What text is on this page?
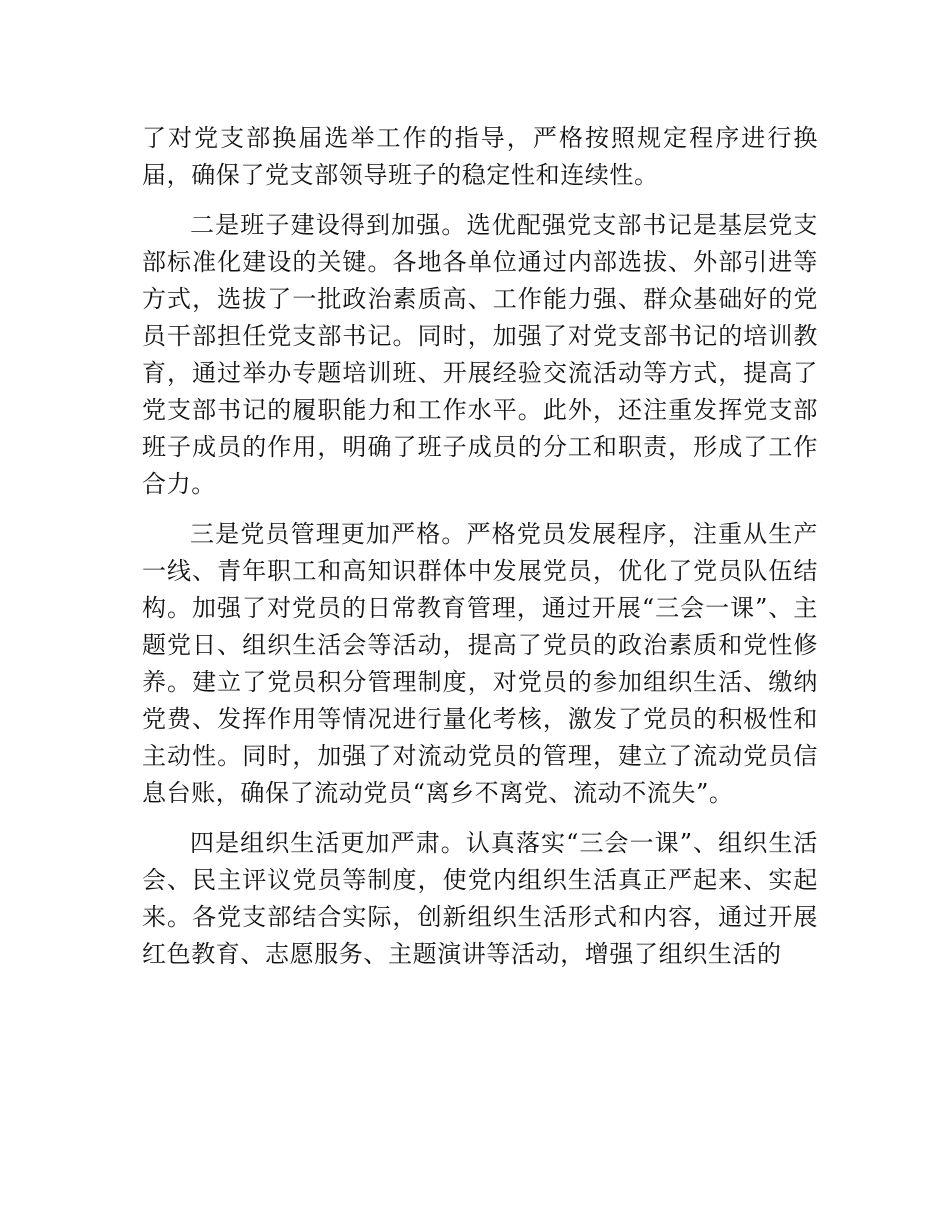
了对党支部换届选举工作的指导，严格按照规定程序进行换届，确保了党支部领导班子的稳定性和连续性。

二是班子建设得到加强。选优配强党支部书记是基层党支部标准化建设的关键。各地各单位通过内部选拔、外部引进等方式，选拔了一批政治素质高、工作能力强、群众基础好的党员干部担任党支部书记。同时，加强了对党支部书记的培训教育，通过举办专题培训班、开展经验交流活动等方式，提高了党支部书记的履职能力和工作水平。此外，还注重发挥党支部班子成员的作用，明确了班子成员的分工和职责，形成了工作合力。

三是党员管理更加严格。严格党员发展程序，注重从生产一线、青年职工和高知识群体中发展党员，优化了党员队伍结构。加强了对党员的日常教育管理，通过开展“三会一课”、主题党日、组织生活会等活动，提高了党员的政治素质和党性修养。建立了党员积分管理制度，对党员的参加组织生活、缴纳党费、发挥作用等情况进行量化考核，激发了党员的积极性和主动性。同时，加强了对流动党员的管理，建立了流动党员信息台账，确保了流动党员“离乡不离党、流动不流失”。

四是组织生活更加严肃。认真落实“三会一课”、组织生活会、民主评议党员等制度，使党内组织生活真正严起来、实起来。各党支部结合实际，创新组织生活形式和内容，通过开展红色教育、志愿服务、主题演讲等活动，增强了组织生活的
